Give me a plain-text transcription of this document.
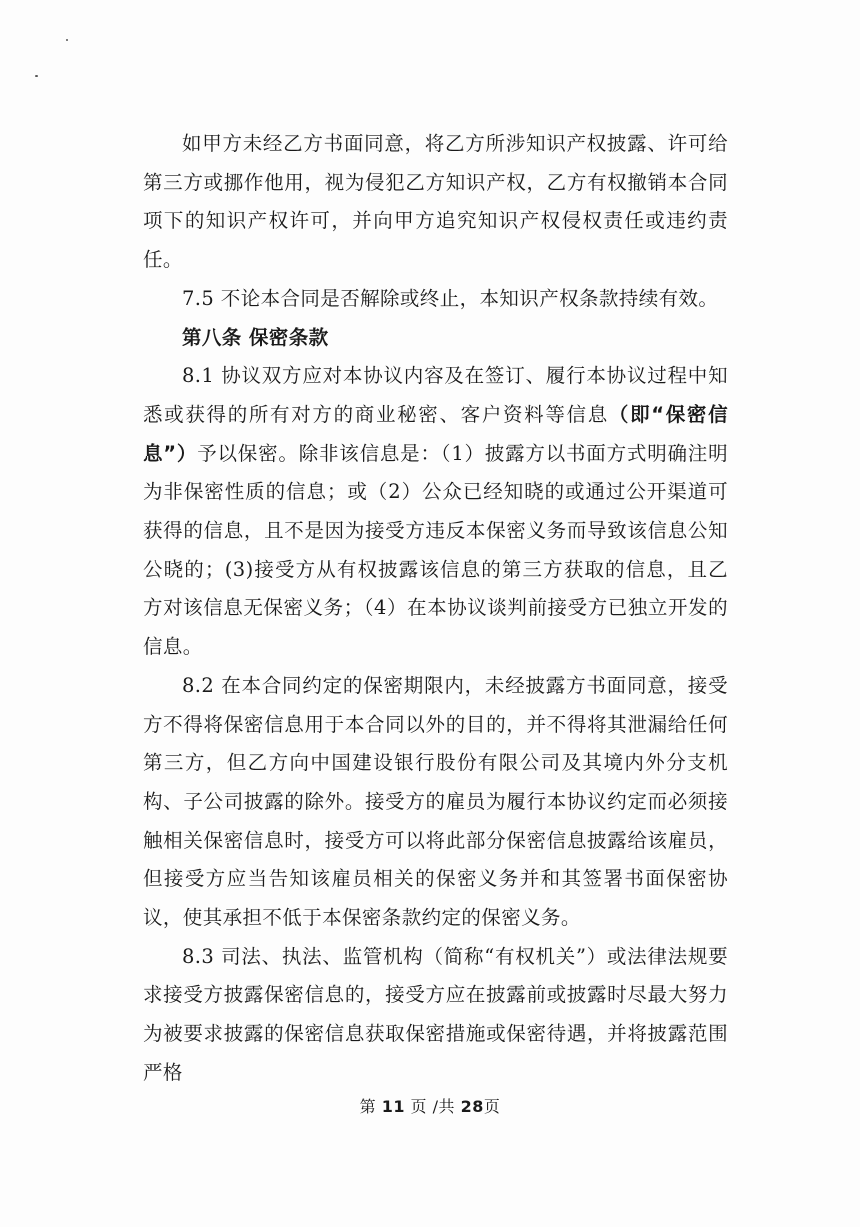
如甲方未经乙方书面同意，将乙方所涉知识产权披露、许可给第三方或挪作他用，视为侵犯乙方知识产权，乙方有权撤销本合同项下的知识产权许可，并向甲方追究知识产权侵权责任或违约责任。

7.5 不论本合同是否解除或终止，本知识产权条款持续有效。

第八条 保密条款

8.1 协议双方应对本协议内容及在签订、履行本协议过程中知悉或获得的所有对方的商业秘密、客户资料等信息（即“保密信息”）予以保密。除非该信息是：（1）披露方以书面方式明确注明为非保密性质的信息；或（2）公众已经知晓的或通过公开渠道可获得的信息，且不是因为接受方违反本保密义务而导致该信息公知公晓的；(3)接受方从有权披露该信息的第三方获取的信息，且乙方对该信息无保密义务；（4）在本协议谈判前接受方已独立开发的信息。

8.2 在本合同约定的保密期限内，未经披露方书面同意，接受方不得将保密信息用于本合同以外的目的，并不得将其泄漏给任何第三方，但乙方向中国建设银行股份有限公司及其境内外分支机构、子公司披露的除外。接受方的雇员为履行本协议约定而必须接触相关保密信息时，接受方可以将此部分保密信息披露给该雇员，但接受方应当告知该雇员相关的保密义务并和其签署书面保密协议，使其承担不低于本保密条款约定的保密义务。

8.3 司法、执法、监管机构（简称“有权机关”）或法律法规要求接受方披露保密信息的，接受方应在披露前或披露时尽最大努力为被要求披露的保密信息获取保密措施或保密待遇，并将披露范围严格

第 11 页 /共 28页
